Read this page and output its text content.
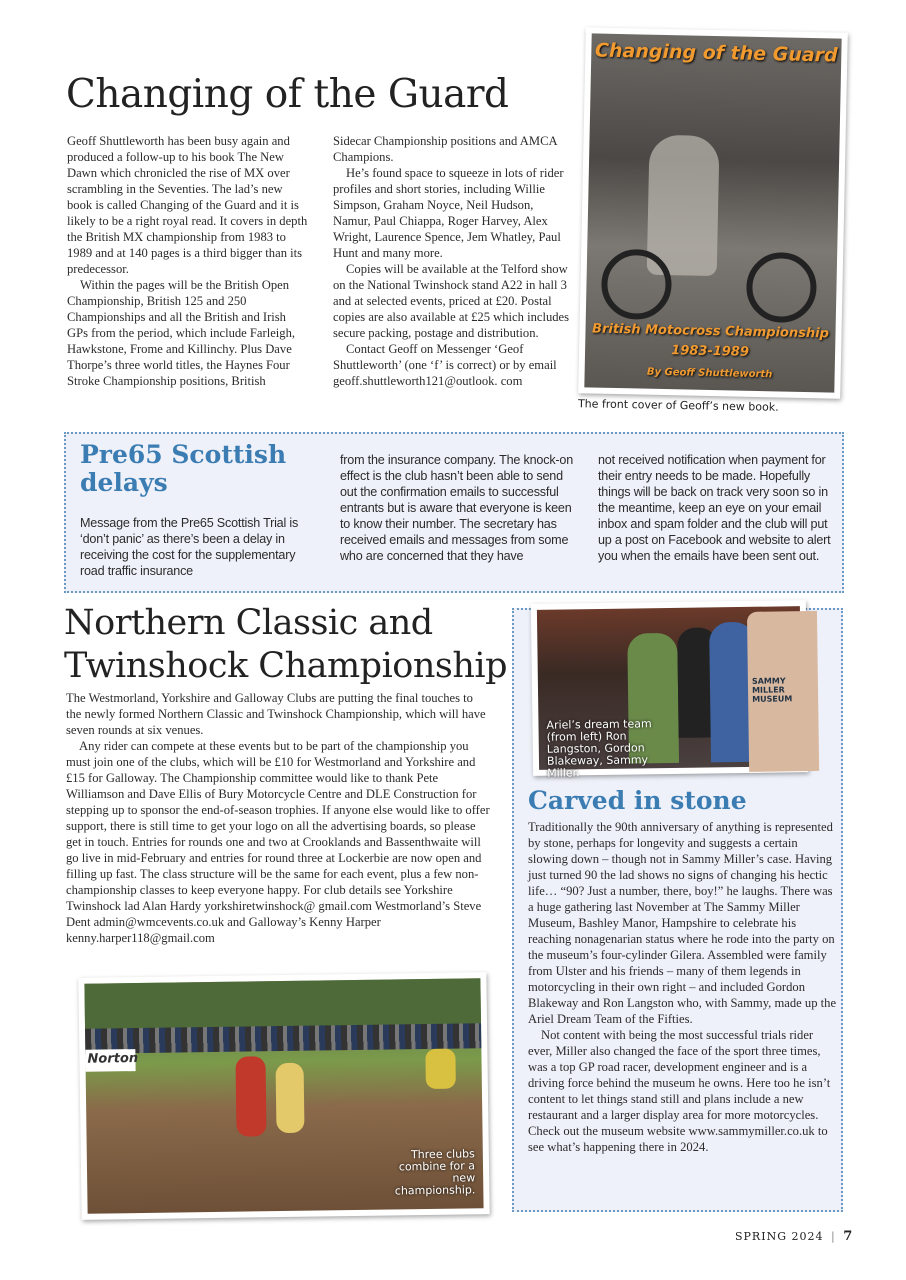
Changing of the Guard

Geoff Shuttleworth has been busy again and produced a follow-up to his book The New Dawn which chronicled the rise of MX over scrambling in the Seventies. The lad’s new book is called Changing of the Guard and it is likely to be a right royal read. It covers in depth the British MX championship from 1983 to 1989 and at 140 pages is a third bigger than its predecessor.

Within the pages will be the British Open Championship, British 125 and 250 Championships and all the British and Irish GPs from the period, which include Farleigh, Hawkstone, Frome and Killinchy. Plus Dave Thorpe’s three world titles, the Haynes Four Stroke Championship positions, British

Sidecar Championship positions and AMCA Champions.

He’s found space to squeeze in lots of rider profiles and short stories, including Willie Simpson, Graham Noyce, Neil Hudson, Namur, Paul Chiappa, Roger Harvey, Alex Wright, Laurence Spence, Jem Whatley, Paul Hunt and many more.

Copies will be available at the Telford show on the National Twinshock stand A22 in hall 3 and at selected events, priced at £20. Postal copies are also available at £25 which includes secure packing, postage and distribution.

Contact Geoff on Messenger ‘Geof Shuttleworth’ (one ‘f’ is correct) or by email geoff.shuttleworth121@outlook. com

Changing of the Guard
British Motocross Championship
1983-1989
By Geoff Shuttleworth
The front cover of Geoff’s new book.
Pre65 Scottish delays

Message from the Pre65 Scottish Trial is ‘don’t panic’ as there’s been a delay in receiving the cost for the supplementary road traffic insurance

from the insurance company. The knock-on effect is the club hasn’t been able to send out the confirmation emails to successful entrants but is aware that everyone is keen to know their number. The secretary has received emails and messages from some who are concerned that they have

not received notification when payment for their entry needs to be made. Hopefully things will be back on track very soon so in the meantime, keep an eye on your email inbox and spam folder and the club will put up a post on Facebook and website to alert you when the emails have been sent out.

Northern Classic and
Twinshock Championship

The Westmorland, Yorkshire and Galloway Clubs are putting the final touches to the newly formed Northern Classic and Twinshock Championship, which will have seven rounds at six venues.

Any rider can compete at these events but to be part of the championship you must join one of the clubs, which will be £10 for Westmorland and Yorkshire and £15 for Galloway. The Championship committee would like to thank Pete Williamson and Dave Ellis of Bury Motorcycle Centre and DLE Construction for stepping up to sponsor the end-of-season trophies. If anyone else would like to offer support, there is still time to get your logo on all the advertising boards, so please get in touch. Entries for rounds one and two at Crooklands and Bassenthwaite will go live in mid-February and entries for round three at Lockerbie are now open and filling up fast. The class structure will be the same for each event, plus a few non-championship classes to keep everyone happy. For club details see Yorkshire Twinshock lad Alan Hardy yorkshiretwinshock@ gmail.com Westmorland’s Steve Dent admin@wmcevents.co.uk and Galloway’s Kenny Harper kenny.harper118@gmail.com

Norton
Three clubs combine for a new championship.
SAMMY MILLER MUSEUM
Ariel’s dream team (from left) Ron Langston, Gordon Blakeway, Sammy Miller.
Carved in stone

Traditionally the 90th anniversary of anything is represented by stone, perhaps for longevity and suggests a certain slowing down – though not in Sammy Miller’s case. Having just turned 90 the lad shows no signs of changing his hectic life… “90? Just a number, there, boy!” he laughs. There was a huge gathering last November at The Sammy Miller Museum, Bashley Manor, Hampshire to celebrate his reaching nonagenarian status where he rode into the party on the museum’s four-cylinder Gilera. Assembled were family from Ulster and his friends – many of them legends in motorcycling in their own right – and included Gordon Blakeway and Ron Langston who, with Sammy, made up the Ariel Dream Team of the Fifties.

Not content with being the most successful trials rider ever, Miller also changed the face of the sport three times, was a top GP road racer, development engineer and is a driving force behind the museum he owns. Here too he isn’t content to let things stand still and plans include a new restaurant and a larger display area for more motorcycles. Check out the museum website www.sammymiller.co.uk to see what’s happening there in 2024.

SPRING 2024 | 7
